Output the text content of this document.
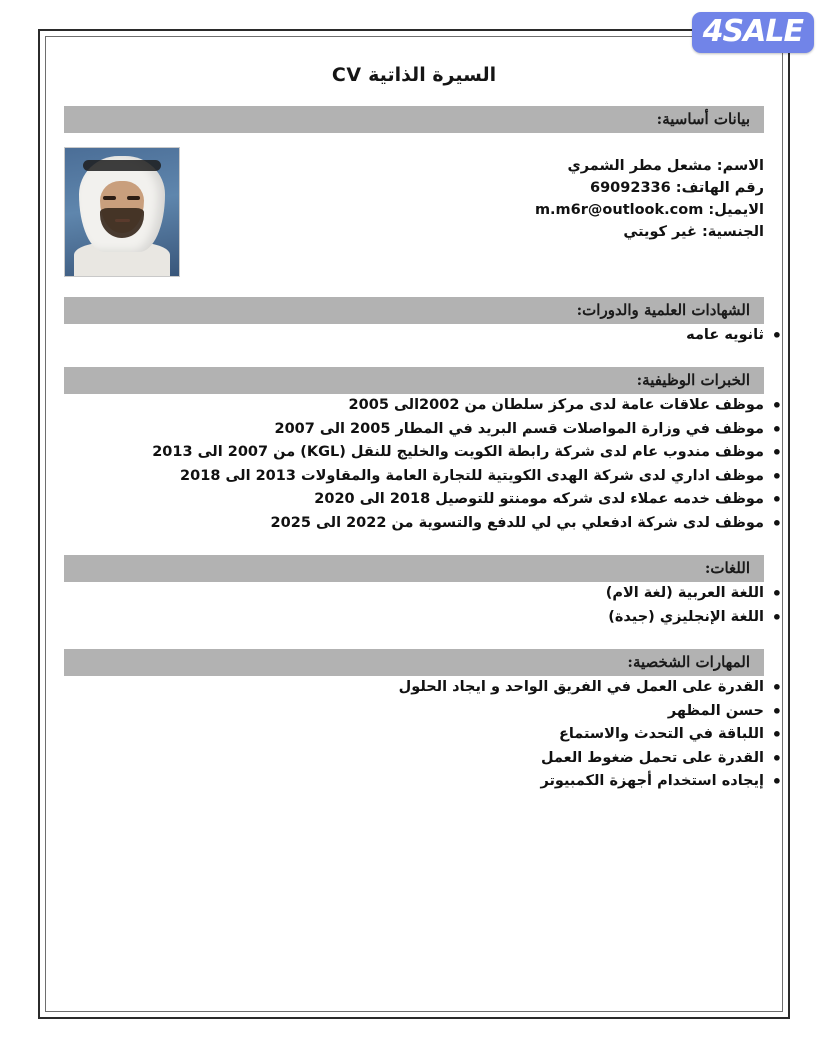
4SALE
السيرة الذاتية CV
بيانات أساسية:
الاسم: مشعل مطر الشمري
رقم الهاتف: 69092336
الايميل: m.m6r@outlook.com
الجنسية: غير كويتي
الشهادات العلمية والدورات:
• ثانويه عامه
الخبرات الوظيفية:
• موظف علاقات عامة لدى مركز سلطان من 2002الى 2005
• موظف في وزارة المواصلات قسم البريد في المطار 2005 الى 2007
• موظف مندوب عام لدى شركة رابطة الكويت والخليج للنقل (KGL) من 2007 الى 2013
• موظف اداري لدى شركة الهدى الكويتية للتجارة العامة والمقاولات 2013 الى 2018
• موظف خدمه عملاء لدى شركه مومنتو للتوصيل 2018 الى 2020
• موظف لدى شركة ادفعلي بي لي للدفع والتسوية من 2022 الى 2025
اللغات:
• اللغة العربية (لغة الام)
• اللغة الإنجليزي (جيدة)
المهارات الشخصية:
• القدرة على العمل في الفريق الواحد و ايجاد الحلول
• حسن المظهر
• اللباقة في التحدث والاستماع
• القدرة على تحمل ضغوط العمل
• إيجاده استخدام أجهزة الكمبيوتر
